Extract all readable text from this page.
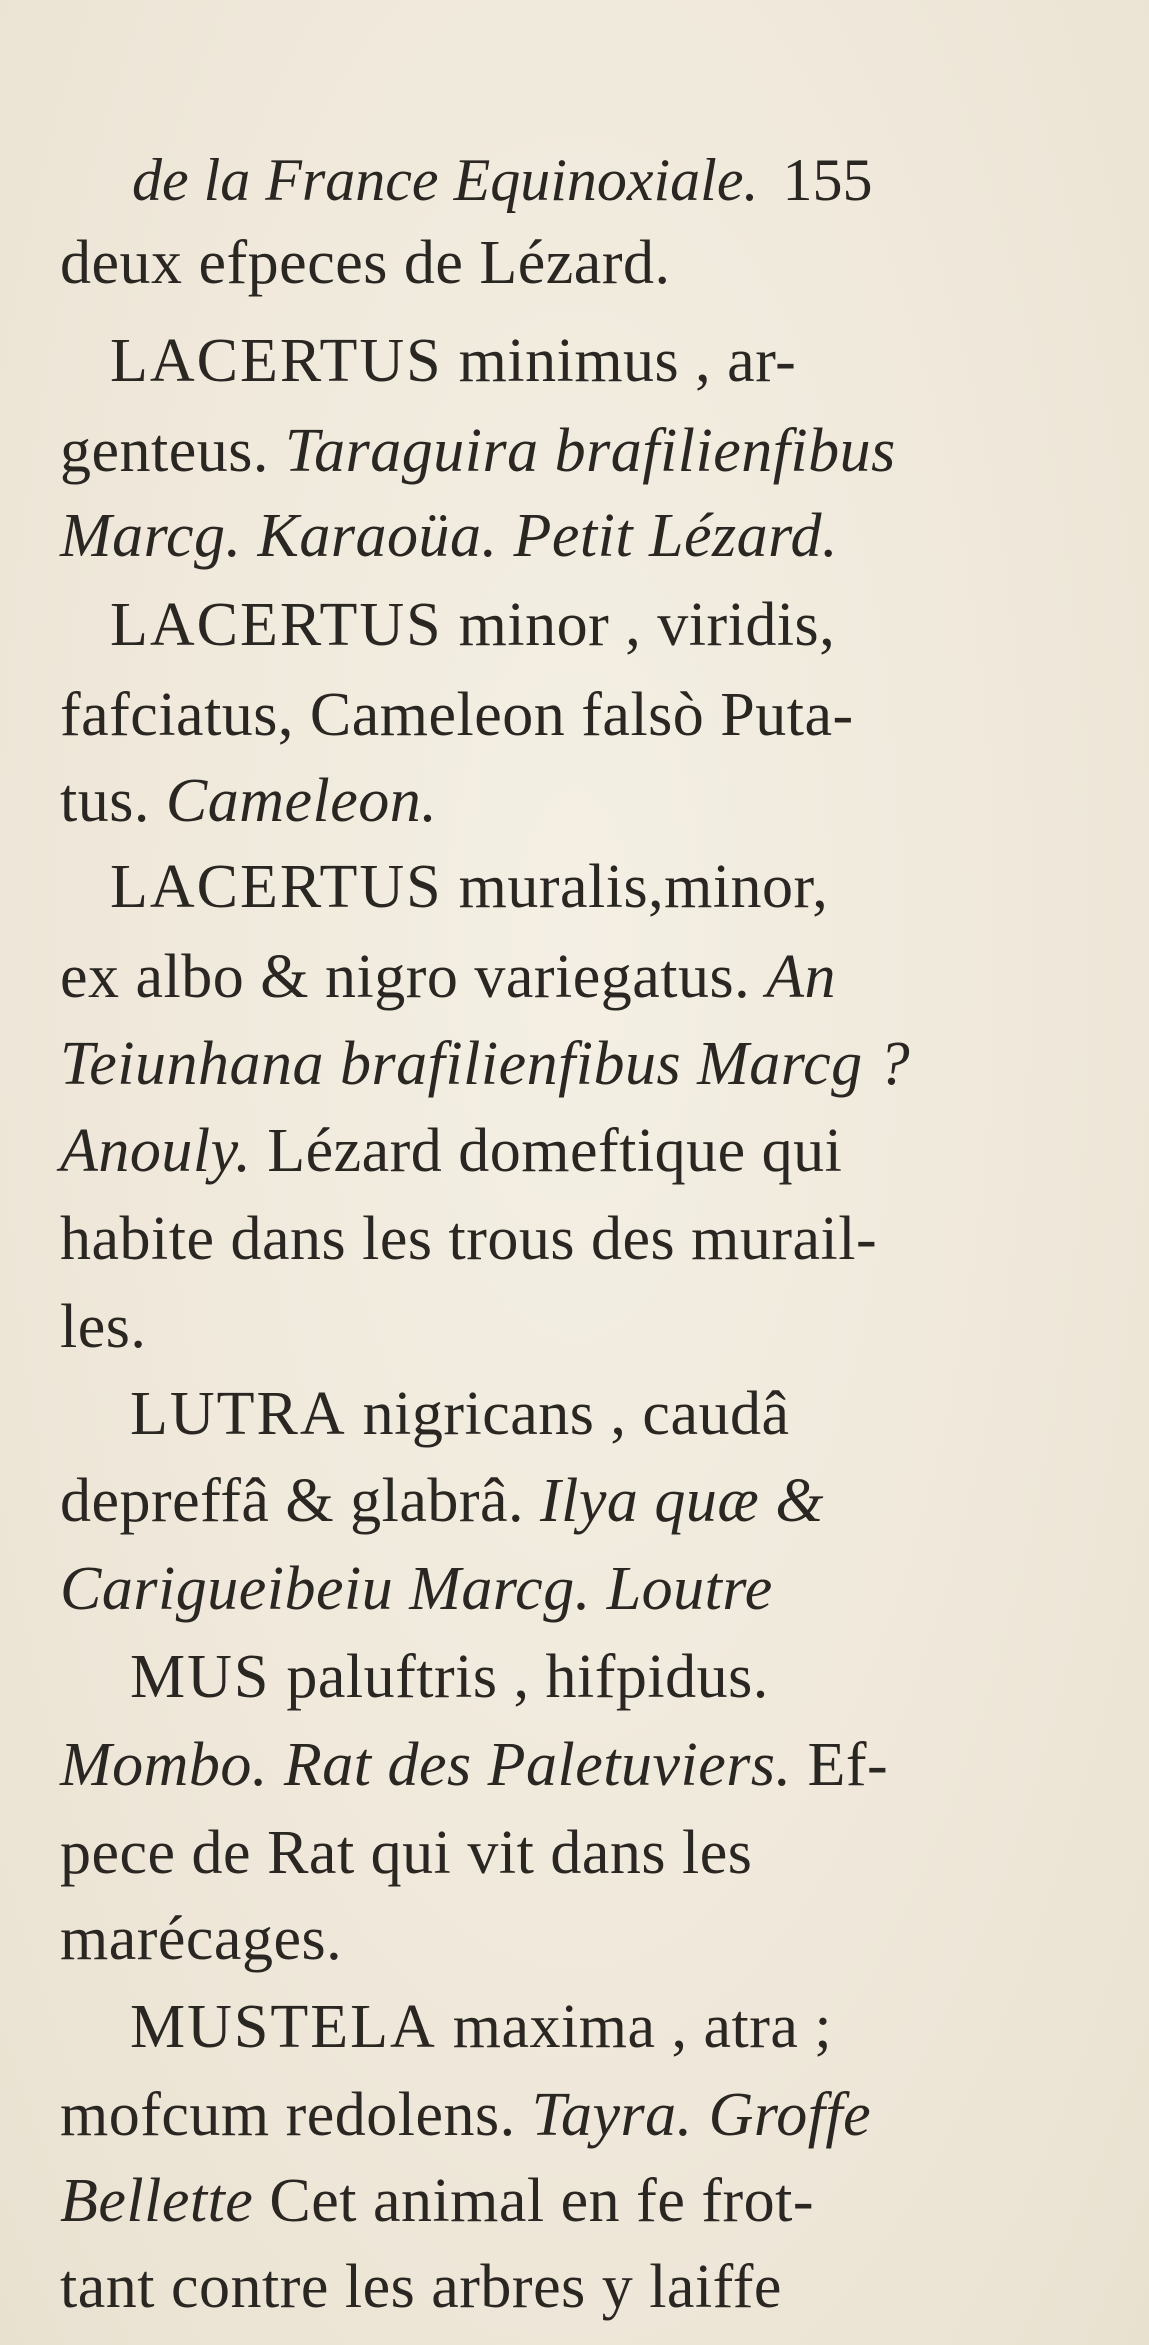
de la France Equinoxiale. 155
deux efpeces de Lézard.
LACERTUS minimus , ar-
genteus. Taraguira brafilienfibus
Marcg. Karaoüa. Petit Lézard.
LACERTUS minor , viridis,
fafciatus, Cameleon falsò Puta-
tus. Cameleon.
LACERTUS muralis,minor,
ex albo & nigro variegatus. An
Teiunhana brafilienfibus Marcg ?
Anouly. Lézard domeftique qui
habite dans les trous des murail-
les.
LUTRA nigricans , caudâ
depreffâ & glabrâ. Ilya quæ &
Carigueibeiu Marcg. Loutre
MUS paluftris , hifpidus.
Mombo. Rat des Paletuviers. Ef-
pece de Rat qui vit dans les
marécages.
MUSTELA maxima , atra ;
mofcum redolens. Tayra. Groffe
Bellette Cet animal en fe frot-
tant contre les arbres y laiffe
